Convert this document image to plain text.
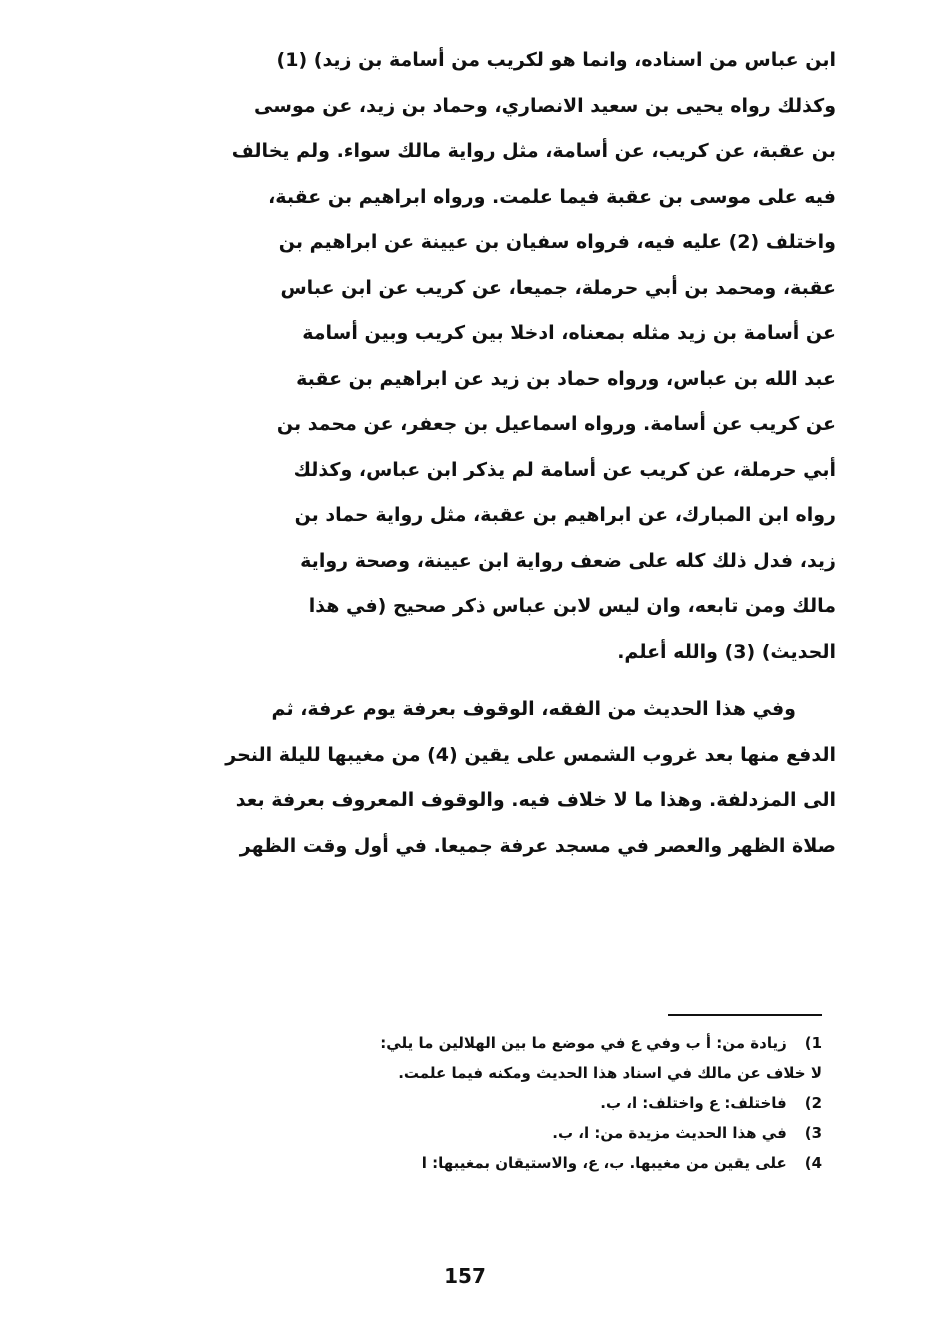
ابن عباس من اسناده، وانما هو لكريب من أسامة بن زيد) (1)
وكذلك رواه يحيى بن سعيد الانصاري، وحماد بن زيد، عن موسى
بن عقبة، عن كريب، عن أسامة، مثل رواية مالك سواء. ولم يخالف
فيه على موسى بن عقبة فيما علمت. ورواه ابراهيم بن عقبة،
واختلف (2) عليه فيه، فرواه سفيان بن عيينة عن ابراهيم بن
عقبة، ومحمد بن أبي حرملة، جميعا، عن كريب عن ابن عباس
عن أسامة بن زيد مثله بمعناه، ادخلا بين كريب وبين أسامة
عبد الله بن عباس، ورواه حماد بن زيد عن ابراهيم بن عقبة
عن كريب عن أسامة. ورواه اسماعيل بن جعفر، عن محمد بن
أبي حرملة، عن كريب عن أسامة لم يذكر ابن عباس، وكذلك
رواه ابن المبارك، عن ابراهيم بن عقبة، مثل رواية حماد بن
زيد، فدل ذلك كله على ضعف رواية ابن عيينة، وصحة رواية
مالك ومن تابعه، وان ليس لابن عباس ذكر صحيح (في هذا
الحديث) (3) والله أعلم.
وفي هذا الحديث من الفقه، الوقوف بعرفة يوم عرفة، ثم
الدفع منها بعد غروب الشمس على يقين (4) من مغيبها لليلة النحر
الى المزدلفة. وهذا ما لا خلاف فيه. والوقوف المعروف بعرفة بعد
صلاة الظهر والعصر في مسجد عرفة جميعا. في أول وقت الظهر
1) زيادة من: أ ب وفي ع في موضع ما بين الهلالين ما يلي:
لا خلاف عن مالك في اسناد هذا الحديث ومكنه فيما علمت.
2) فاختلف: ع واختلف: ا، ب.
3) في هذا الحديث مزيدة من: ا، ب.
4) على يقين من مغيبها. ب، ع، والاستيقان بمغيبها: ا
157
